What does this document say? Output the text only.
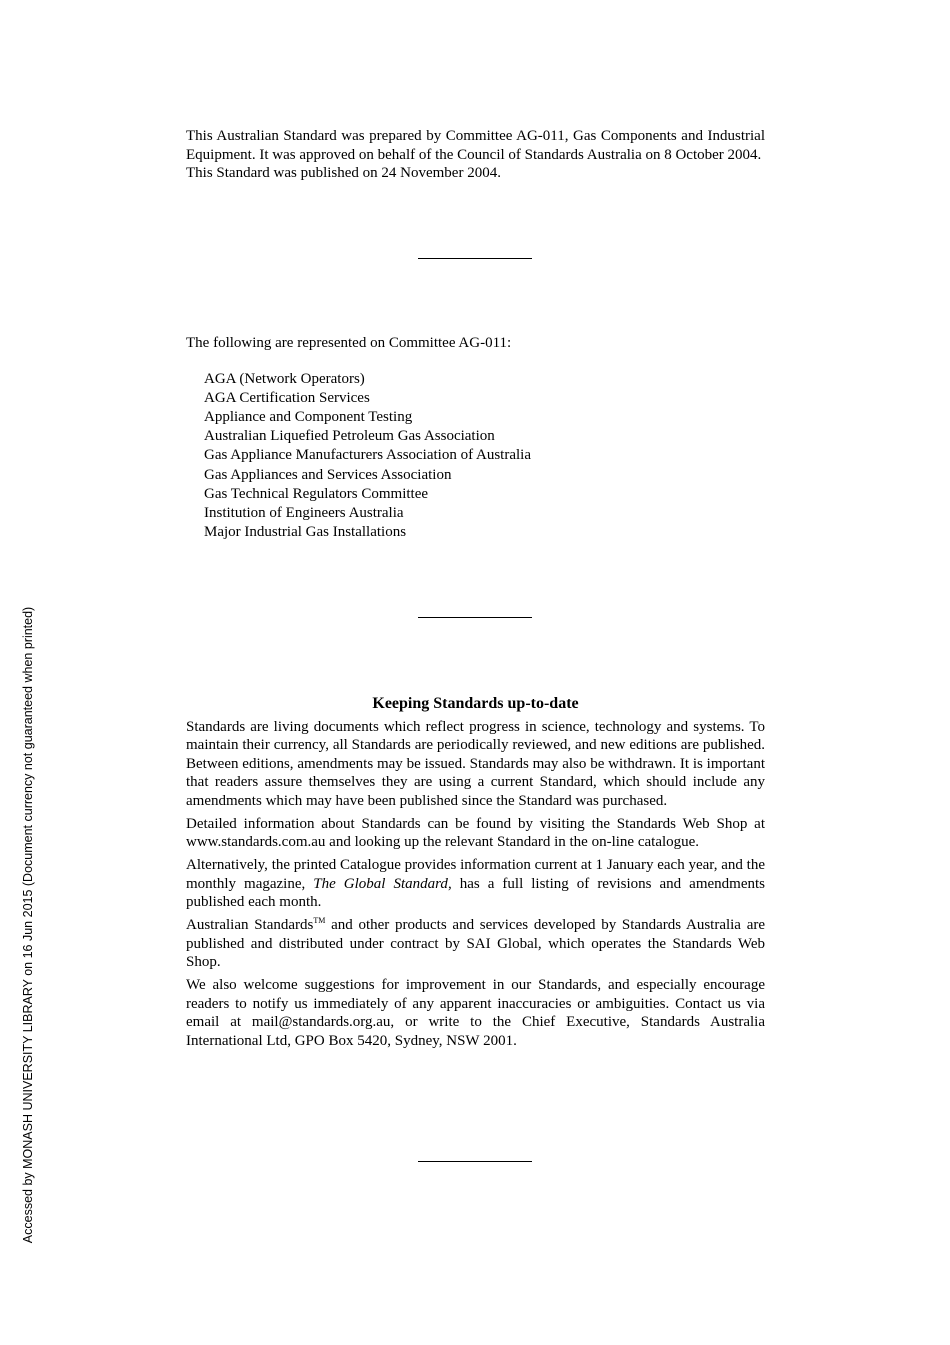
Accessed by MONASH UNIVERSITY LIBRARY on 16 Jun 2015 (Document currency not guaranteed when printed)

This Australian Standard was prepared by Committee AG-011, Gas Components and Industrial Equipment. It was approved on behalf of the Council of Standards Australia on 8 October 2004.

This Standard was published on 24 November 2004.

The following are represented on Committee AG-011:

AGA (Network Operators)
AGA Certification Services
Appliance and Component Testing
Australian Liquefied Petroleum Gas Association
Gas Appliance Manufacturers Association of Australia
Gas Appliances and Services Association
Gas Technical Regulators Committee
Institution of Engineers Australia
Major Industrial Gas Installations

Keeping Standards up-to-date

Standards are living documents which reflect progress in science, technology and systems. To maintain their currency, all Standards are periodically reviewed, and new editions are published. Between editions, amendments may be issued. Standards may also be withdrawn. It is important that readers assure themselves they are using a current Standard, which should include any amendments which may have been published since the Standard was purchased.

Detailed information about Standards can be found by visiting the Standards Web Shop at www.standards.com.au and looking up the relevant Standard in the on-line catalogue.

Alternatively, the printed Catalogue provides information current at 1 January each year, and the monthly magazine, The Global Standard, has a full listing of revisions and amendments published each month.

Australian Standards™ and other products and services developed by Standards Australia are published and distributed under contract by SAI Global, which operates the Standards Web Shop.

We also welcome suggestions for improvement in our Standards, and especially encourage readers to notify us immediately of any apparent inaccuracies or ambiguities. Contact us via email at mail@standards.org.au, or write to the Chief Executive, Standards Australia International Ltd, GPO Box 5420, Sydney, NSW 2001.
